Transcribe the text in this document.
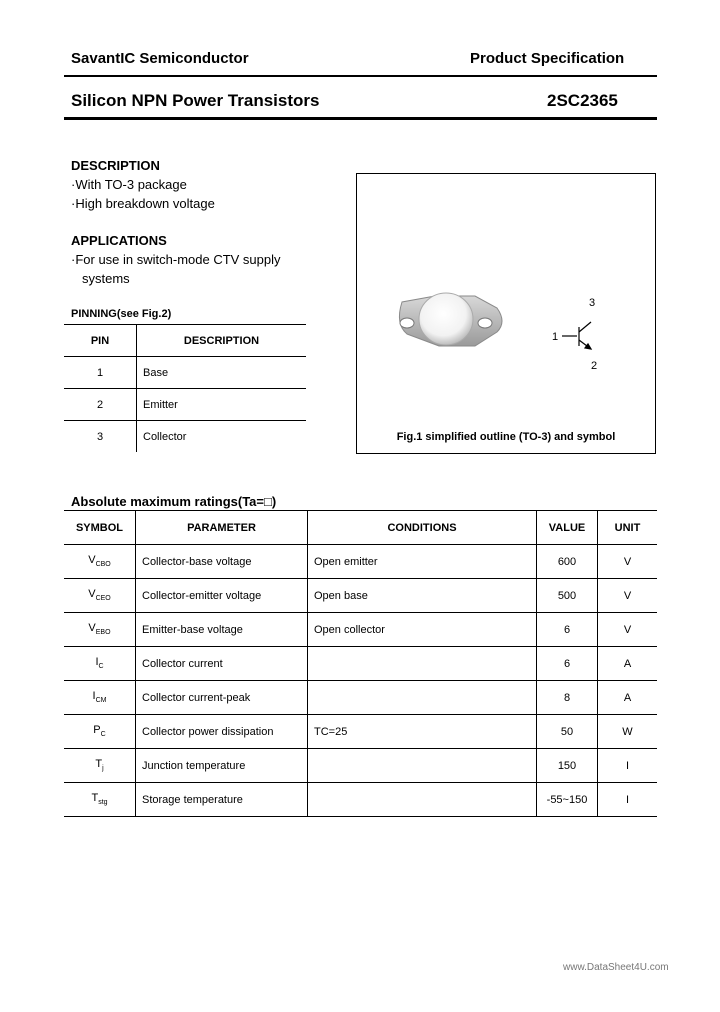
SavantIC Semiconductor	Product Specification
Silicon NPN Power Transistors	2SC2365
DESCRIPTION
·With TO-3 package
·High breakdown voltage
APPLICATIONS
·For use in switch-mode CTV supply
systems
PINNING(see Fig.2)
PIN	DESCRIPTION
1	Base
2	Emitter
3	Collector
1
2
3
Fig.1 simplified outline (TO-3) and symbol
Absolute maximum ratings(Ta=□)
SYMBOL	PARAMETER	CONDITIONS	VALUE	UNIT
$V_{CBO}$	Collector-base voltage	Open emitter	600	V
$V_{CEO}$	Collector-emitter voltage	Open base	500	V
$V_{EBO}$	Emitter-base voltage	Open collector	6	V
$I_C$	Collector current		6	A
$I_{CM}$	Collector current-peak		8	A
$P_C$	Collector power dissipation	TC=25	50	W
$T_j$	Junction temperature		150	I
$T_{stg}$	Storage temperature		-55~150	I
www.DataSheet4U.com
